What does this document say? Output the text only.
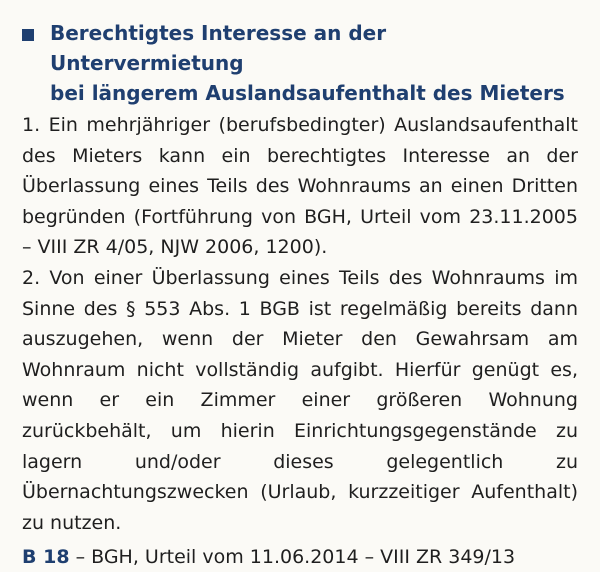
Berechtigtes Interesse an der Untervermietung
bei längerem Auslandsaufenthalt des Mieters

1. Ein mehrjähriger (berufsbedingter) Auslandsaufenthalt des Mieters kann ein berechtigtes Interesse an der Überlassung eines Teils des Wohnraums an einen Dritten begründen (Fortführung von BGH, Urteil vom 23.11.2005 – VIII ZR 4/05, NJW 2006, 1200).

2. Von einer Überlassung eines Teils des Wohnraums im Sinne des § 553 Abs. 1 BGB ist regelmäßig bereits dann auszugehen, wenn der Mieter den Gewahrsam am Wohnraum nicht vollständig aufgibt. Hierfür genügt es, wenn er ein Zimmer einer größeren Wohnung zurückbehält, um hierin Einrichtungsgegenstände zu lagern und/oder dieses gelegentlich zu Übernachtungszwecken (Urlaub, kurzzeitiger Aufenthalt) zu nutzen.

B 18 – BGH, Urteil vom 11.06.2014 – VIII ZR 349/13
